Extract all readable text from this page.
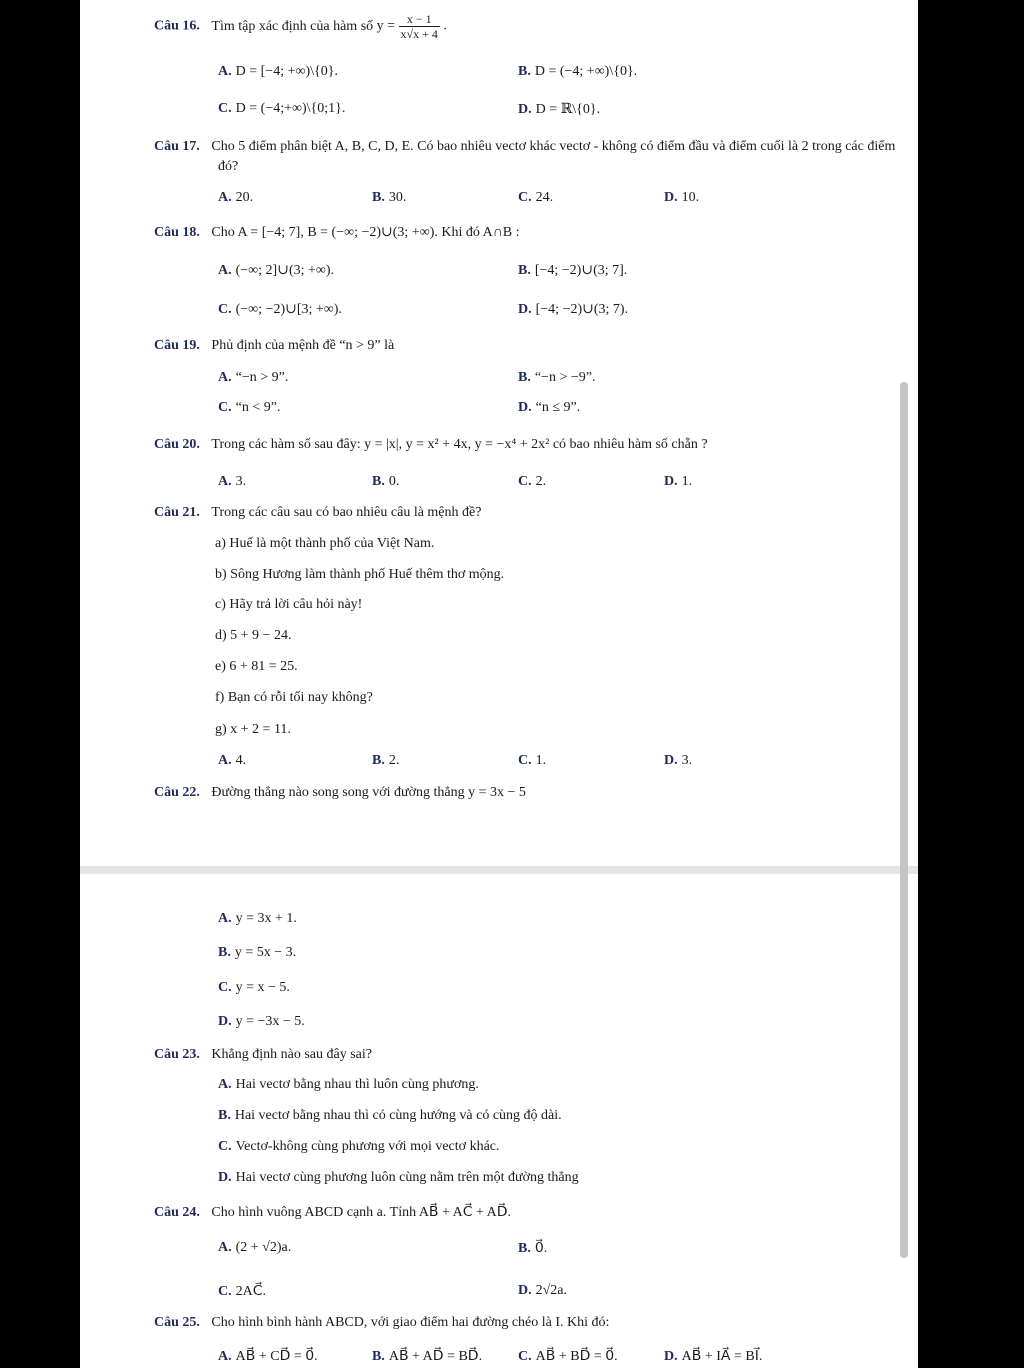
Câu 16. Tìm tập xác định của hàm số $y = \frac{x - 1}{x√x + 4}$ .
A. D = [−4; +∞)\{0}.	B. D = (−4; +∞)\{0}.
C. D = (−4;+∞)\{0;1}.	D. D = ℝ\{0}.
Câu 17. Cho 5 điểm phân biệt A, B, C, D, E. Có bao nhiêu vectơ khác vectơ - không có điểm đầu và điểm cuối là 2 trong các điểm đó?
A. 20.	B. 30.	C. 24.	D. 10.
Câu 18. Cho A = [−4; 7], B = (−∞; −2)∪(3; +∞). Khi đó A∩B :
A. (−∞; 2]∪(3; +∞).	B. [−4; −2)∪(3; 7].
C. (−∞; −2)∪[3; +∞).	D. [−4; −2)∪(3; 7).
Câu 19. Phủ định của mệnh đề “n > 9” là
A. “−n > 9”.	B. “−n > −9”.
C. “n < 9”.	D. “n ≤ 9”.
Câu 20. Trong các hàm số sau đây: y = |x|, y = x² + 4x, y = −x⁴ + 2x² có bao nhiêu hàm số chẵn ?
A. 3.	B. 0.	C. 2.	D. 1.
Câu 21. Trong các câu sau có bao nhiêu câu là mệnh đề?
a) Huế là một thành phố của Việt Nam.
b) Sông Hương làm thành phố Huế thêm thơ mộng.
c) Hãy trả lời câu hỏi này!
d) 5 + 9 − 24.
e) 6 + 81 = 25.
f) Bạn có rỗi tối nay không?
g) x + 2 = 11.
A. 4.	B. 2.	C. 1.	D. 3.
Câu 22. Đường thẳng nào song song với đường thẳng y = 3x − 5
A. y = 3x + 1.
B. y = 5x − 3.
C. y = x − 5.
D. y = −3x − 5.
Câu 23. Khẳng định nào sau đây sai?
A. Hai vectơ bằng nhau thì luôn cùng phương.
B. Hai vectơ bằng nhau thì có cùng hướng và có cùng độ dài.
C. Vectơ-không cùng phương với mọi vectơ khác.
D. Hai vectơ cùng phương luôn cùng nằm trên một đường thẳng
Câu 24. Cho hình vuông ABCD cạnh a. Tính AB⃗ + AC⃗ + AD⃗.
A. (2 + √2)a.	B. 0⃗.
C. 2AC⃗.	D. 2√2a.
Câu 25. Cho hình bình hành ABCD, với giao điểm hai đường chéo là I. Khi đó:
A. AB⃗ + CD⃗ = 0⃗.	B. AB⃗ + AD⃗ = BD⃗.	C. AB⃗ + BD⃗ = 0⃗.	D. AB⃗ + IA⃗ = BI⃗.
